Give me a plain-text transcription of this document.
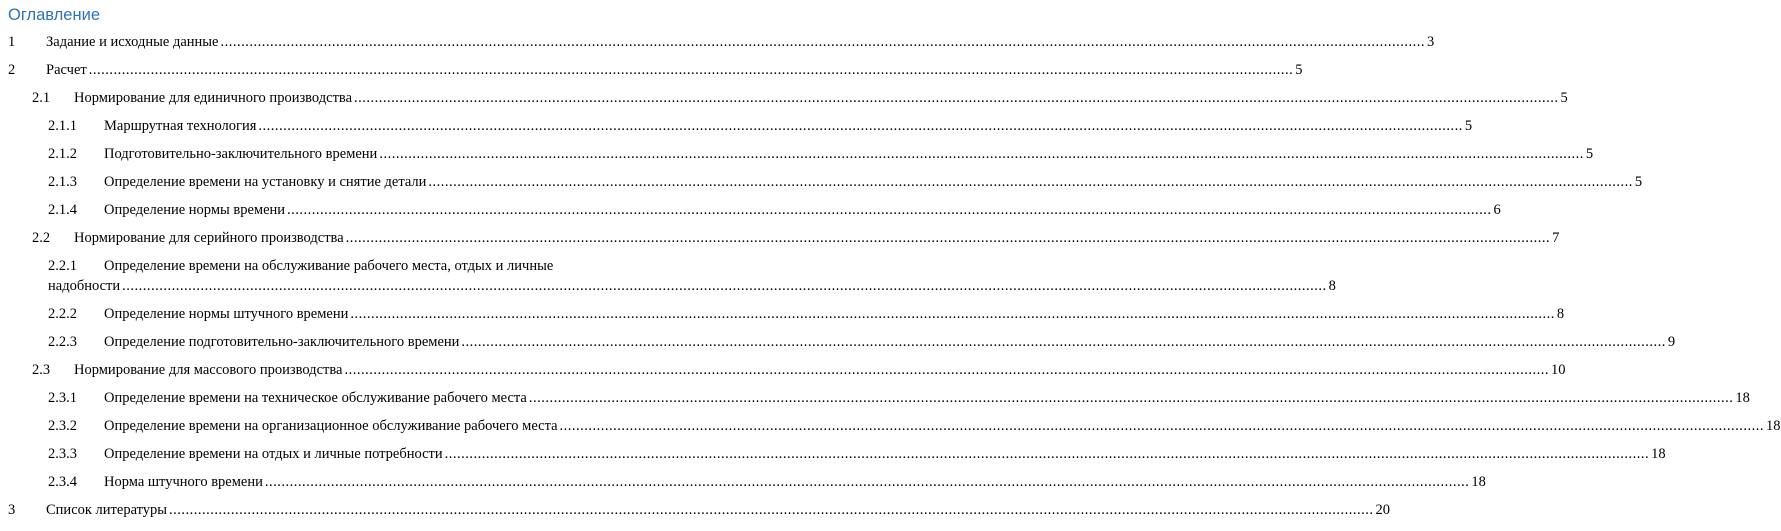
Оглавление
1	Задание и исходные данные .....	3
2	Расчет .....	5
2.1	Нормирование для единичного производства .....	5
2.1.1	Маршрутная технология .....	5
2.1.2	Подготовительно-заключительного времени .....	5
2.1.3	Определение времени на установку и снятие детали .....	5
2.1.4	Определение нормы времени .....	6
2.2	Нормирование для серийного производства .....	7
2.2.1	Определение времени на обслуживание рабочего места, отдых и личные
надобности .....	8
2.2.2	Определение нормы штучного времени .....	8
2.2.3	Определение подготовительно-заключительного времени .....	9
2.3	Нормирование для массового производства .....	10
2.3.1	Определение времени на техническое обслуживание рабочего места .....	18
2.3.2	Определение времени на организационное обслуживание рабочего места .....	18
2.3.3	Определение времени на отдых и личные потребности .....	18
2.3.4	Норма штучного времени .....	18
3	Список литературы .....	20
